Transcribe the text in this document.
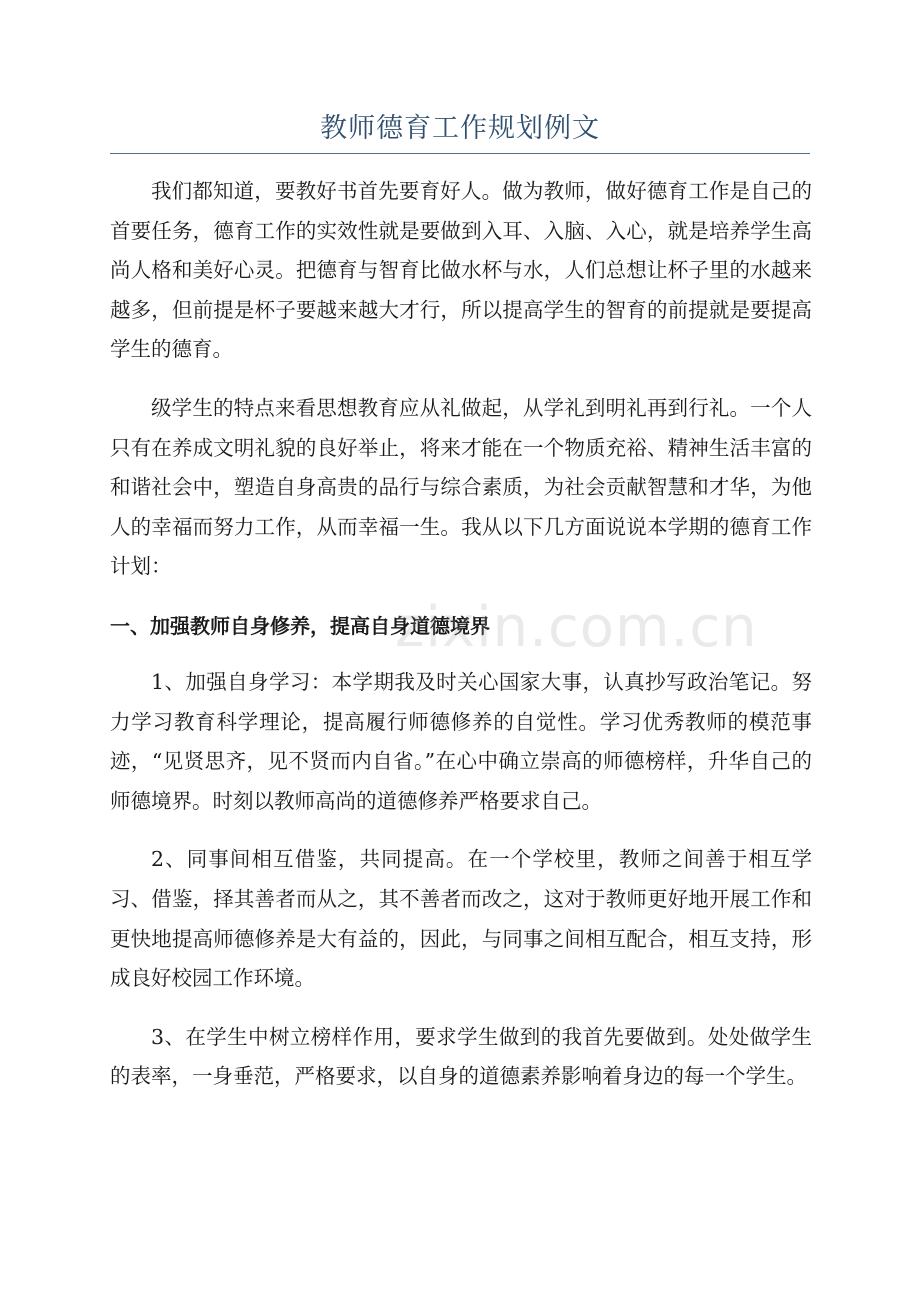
教师德育工作规划例文

我们都知道，要教好书首先要育好人。做为教师，做好德育工作是自己的首要任务，德育工作的实效性就是要做到入耳、入脑、入心，就是培养学生高尚人格和美好心灵。把德育与智育比做水杯与水，人们总想让杯子里的水越来越多，但前提是杯子要越来越大才行，所以提高学生的智育的前提就是要提高学生的德育。

级学生的特点来看思想教育应从礼做起，从学礼到明礼再到行礼。一个人只有在养成文明礼貌的良好举止，将来才能在一个物质充裕、精神生活丰富的和谐社会中，塑造自身高贵的品行与综合素质，为社会贡献智慧和才华，为他人的幸福而努力工作，从而幸福一生。我从以下几方面说说本学期的德育工作计划：

一、加强教师自身修养，提高自身道德境界

1、加强自身学习：本学期我及时关心国家大事，认真抄写政治笔记。努力学习教育科学理论，提高履行师德修养的自觉性。学习优秀教师的模范事迹，“见贤思齐，见不贤而内自省。”在心中确立崇高的师德榜样，升华自己的师德境界。时刻以教师高尚的道德修养严格要求自己。

2、同事间相互借鉴，共同提高。在一个学校里，教师之间善于相互学习、借鉴，择其善者而从之，其不善者而改之，这对于教师更好地开展工作和更快地提高师德修养是大有益的，因此，与同事之间相互配合，相互支持，形成良好校园工作环境。

3、在学生中树立榜样作用，要求学生做到的我首先要做到。处处做学生的表率，一身垂范，严格要求，以自身的道德素养影响着身边的每一个学生。

zixin.com.cn
